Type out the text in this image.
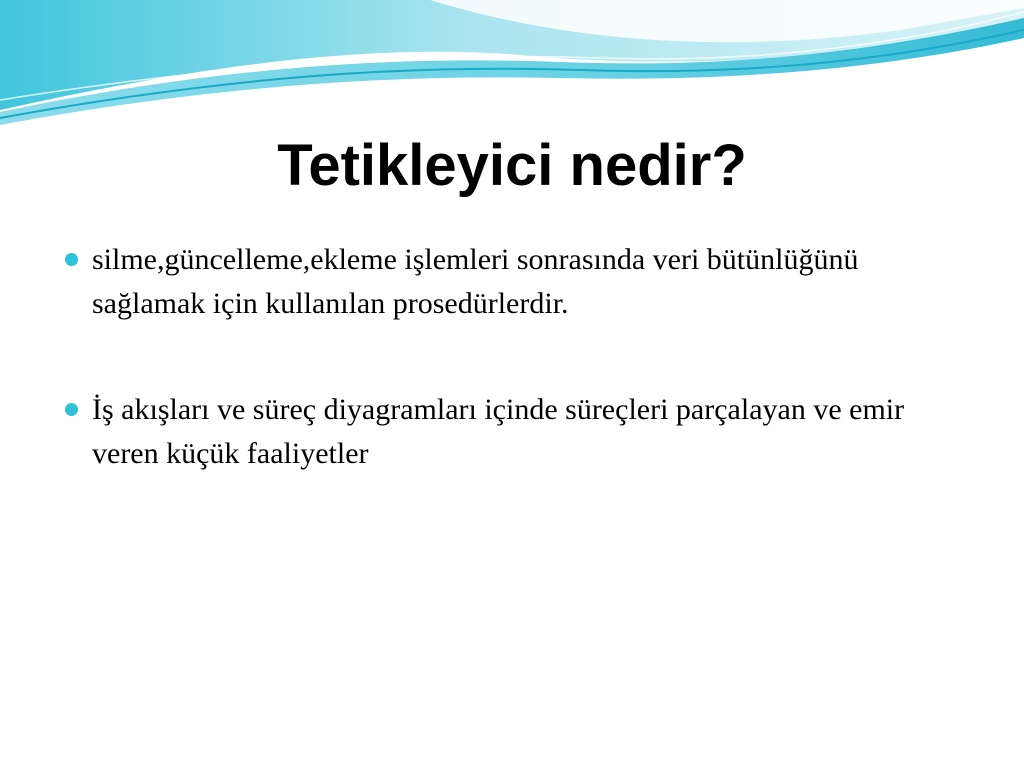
Tetikleyici nedir?
silme,güncelleme,ekleme işlemleri sonrasında veri bütünlüğünü sağlamak için kullanılan prosedürlerdir.
İş akışları ve süreç diyagramları içinde süreçleri parçalayan ve emir veren küçük faaliyetler
